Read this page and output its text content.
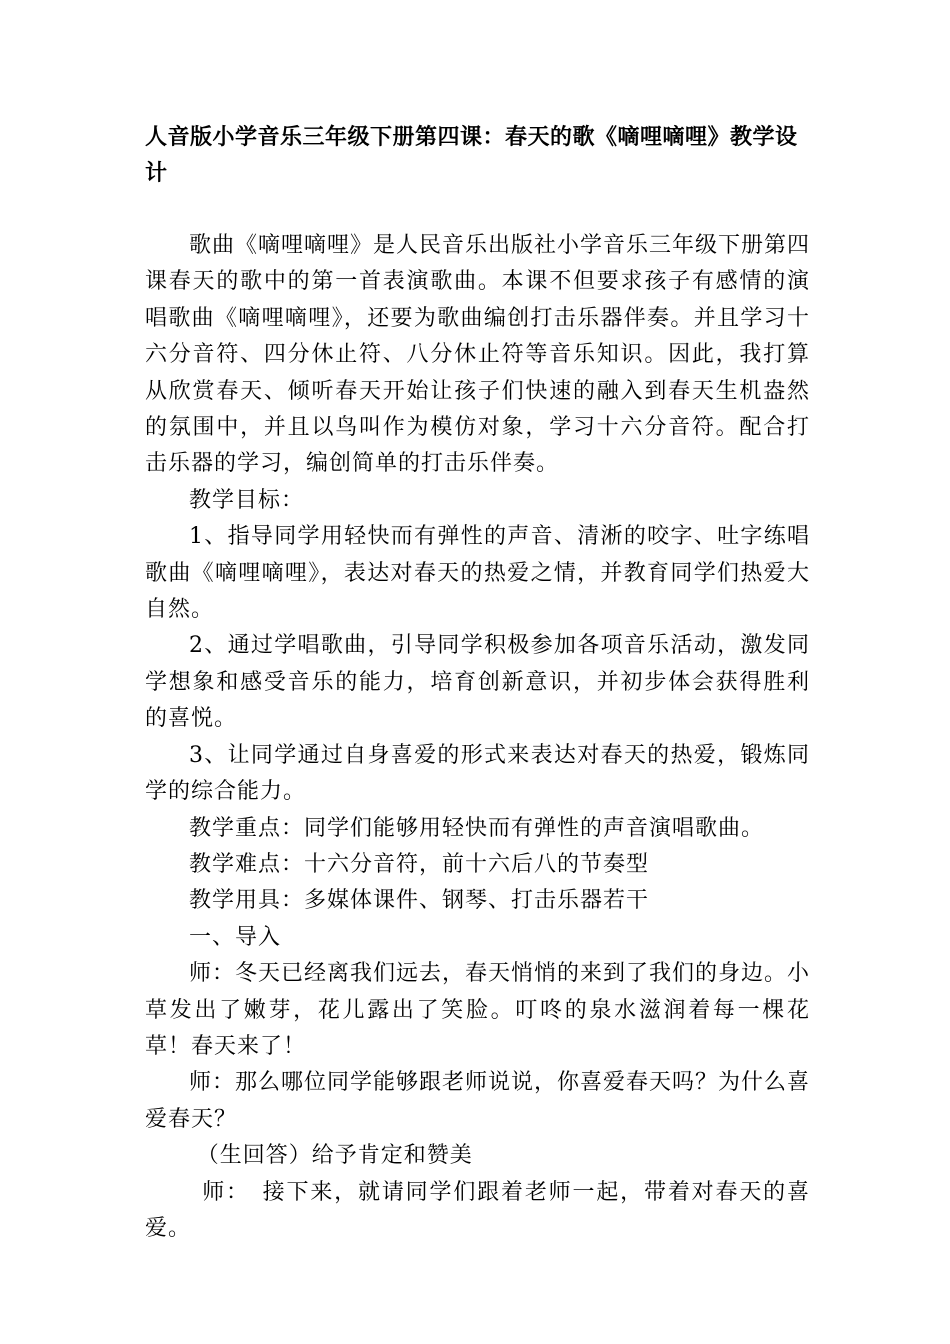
人音版小学音乐三年级下册第四课：春天的歌《嘀哩嘀哩》教学设计

歌曲《嘀哩嘀哩》是人民音乐出版社小学音乐三年级下册第四课春天的歌中的第一首表演歌曲。本课不但要求孩子有感情的演唱歌曲《嘀哩嘀哩》，还要为歌曲编创打击乐器伴奏。并且学习十六分音符、四分休止符、八分休止符等音乐知识。因此，我打算从欣赏春天、倾听春天开始让孩子们快速的融入到春天生机盎然的氛围中，并且以鸟叫作为模仿对象，学习十六分音符。配合打击乐器的学习，编创简单的打击乐伴奏。

教学目标：

1、指导同学用轻快而有弹性的声音、清淅的咬字、吐字练唱歌曲《嘀哩嘀哩》，表达对春天的热爱之情，并教育同学们热爱大自然。

2、通过学唱歌曲，引导同学积极参加各项音乐活动，激发同学想象和感受音乐的能力，培育创新意识，并初步体会获得胜利的喜悦。

3、让同学通过自身喜爱的形式来表达对春天的热爱，锻炼同学的综合能力。

教学重点：同学们能够用轻快而有弹性的声音演唱歌曲。

教学难点：十六分音符，前十六后八的节奏型

教学用具：多媒体课件、钢琴、打击乐器若干

一、导入

师：冬天已经离我们远去，春天悄悄的来到了我们的身边。小草发出了嫩芽，花儿露出了笑脸。叮咚的泉水滋润着每一棵花草！春天来了！

师：那么哪位同学能够跟老师说说，你喜爱春天吗？为什么喜爱春天？

（生回答）给予肯定和赞美

师：　接下来，就请同学们跟着老师一起，带着对春天的喜爱。
